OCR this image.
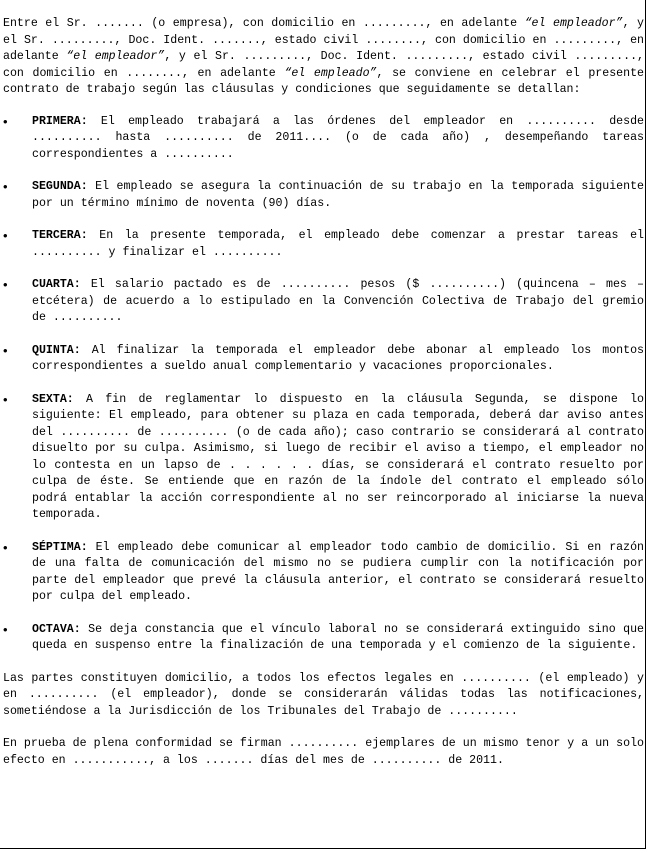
Entre el Sr. ....... (o empresa), con domicilio en ........., en adelante “el empleador”, y el Sr. ........., Doc. Ident. ......., estado civil ........, con domicilio en ........., en adelante “el empleador”, y el Sr. ........., Doc. Ident. ........., estado civil ........., con domicilio en ........, en adelante “el empleado”, se conviene en celebrar el presente contrato de trabajo según las cláusulas y condiciones que seguidamente se detallan:

• PRIMERA: El empleado trabajará a las órdenes del empleador en .......... desde .......... hasta .......... de 2011.... (o de cada año) , desempeñando tareas correspondientes a ..........
• SEGUNDA: El empleado se asegura la continuación de su trabajo en la temporada siguiente por un término mínimo de noventa (90) días.
• TERCERA: En la presente temporada, el empleado debe comenzar a prestar tareas el .......... y finalizar el ..........
• CUARTA: El salario pactado es de .......... pesos ($ ..........) (quincena – mes – etcétera) de acuerdo a lo estipulado en la Convención Colectiva de Trabajo del gremio de ..........
• QUINTA: Al finalizar la temporada el empleador debe abonar al empleado los montos correspondientes a sueldo anual complementario y vacaciones proporcionales.
• SEXTA: A fin de reglamentar lo dispuesto en la cláusula Segunda, se dispone lo siguiente: El empleado, para obtener su plaza en cada temporada, deberá dar aviso antes del .......... de .......... (o de cada año); caso contrario se considerará al contrato disuelto por su culpa. Asimismo, si luego de recibir el aviso a tiempo, el empleador no lo contesta en un lapso de . . . . . . días, se considerará el contrato resuelto por culpa de éste. Se entiende que en razón de la índole del contrato el empleado sólo podrá entablar la acción correspondiente al no ser reincorporado al iniciarse la nueva temporada.
• SÉPTIMA: El empleado debe comunicar al empleador todo cambio de domicilio. Si en razón de una falta de comunicación del mismo no se pudiera cumplir con la notificación por parte del empleador que prevé la cláusula anterior, el contrato se considerará resuelto por culpa del empleado.
• OCTAVA: Se deja constancia que el vínculo laboral no se considerará extinguido sino que queda en suspenso entre la finalización de una temporada y el comienzo de la siguiente.

Las partes constituyen domicilio, a todos los efectos legales en .......... (el empleado) y en .......... (el empleador), donde se considerarán válidas todas las notificaciones, sometiéndose a la Jurisdicción de los Tribunales del Trabajo de ..........

En prueba de plena conformidad se firman .......... ejemplares de un mismo tenor y a un solo efecto en ..........., a los ....... días del mes de .......... de 2011.
